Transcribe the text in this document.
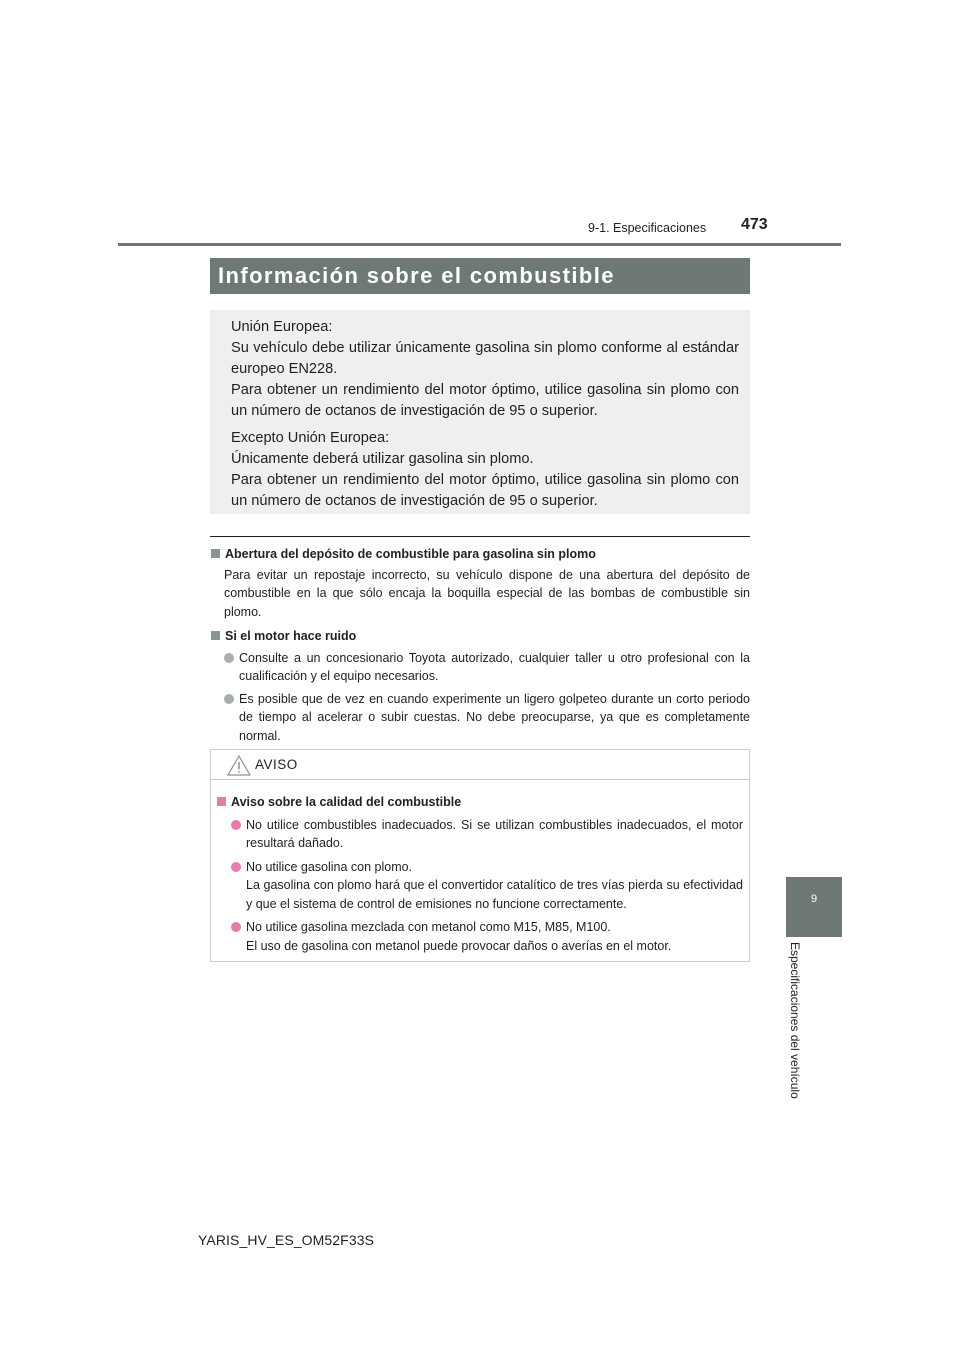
9-1. Especificaciones 473
9
Especificaciones del vehículo
Información sobre el combustible

Unión Europea:

Su vehículo debe utilizar únicamente gasolina sin plomo conforme al estándar europeo EN228.

Para obtener un rendimiento del motor óptimo, utilice gasolina sin plomo con un número de octanos de investigación de 95 o superior.

Excepto Unión Europea:

Únicamente deberá utilizar gasolina sin plomo.

Para obtener un rendimiento del motor óptimo, utilice gasolina sin plomo con un número de octanos de investigación de 95 o superior.

Abertura del depósito de combustible para gasolina sin plomo

Para evitar un repostaje incorrecto, su vehículo dispone de una abertura del depósito de combustible en la que sólo encaja la boquilla especial de las bombas de combustible sin plomo.

Si el motor hace ruido

Consulte a un concesionario Toyota autorizado, cualquier taller u otro profesional con la cualificación y el equipo necesarios.
Es posible que de vez en cuando experimente un ligero golpeteo durante un corto periodo de tiempo al acelerar o subir cuestas. No debe preocuparse, ya que es completamente normal.
AVISO

Aviso sobre la calidad del combustible

No utilice combustibles inadecuados. Si se utilizan combustibles inadecuados, el motor resultará dañado.
No utilice gasolina con plomo.
La gasolina con plomo hará que el convertidor catalítico de tres vías pierda su efectividad y que el sistema de control de emisiones no funcione correctamente.
No utilice gasolina mezclada con metanol como M15, M85, M100.
El uso de gasolina con metanol puede provocar daños o averías en el motor.
YARIS_HV_ES_OM52F33S
